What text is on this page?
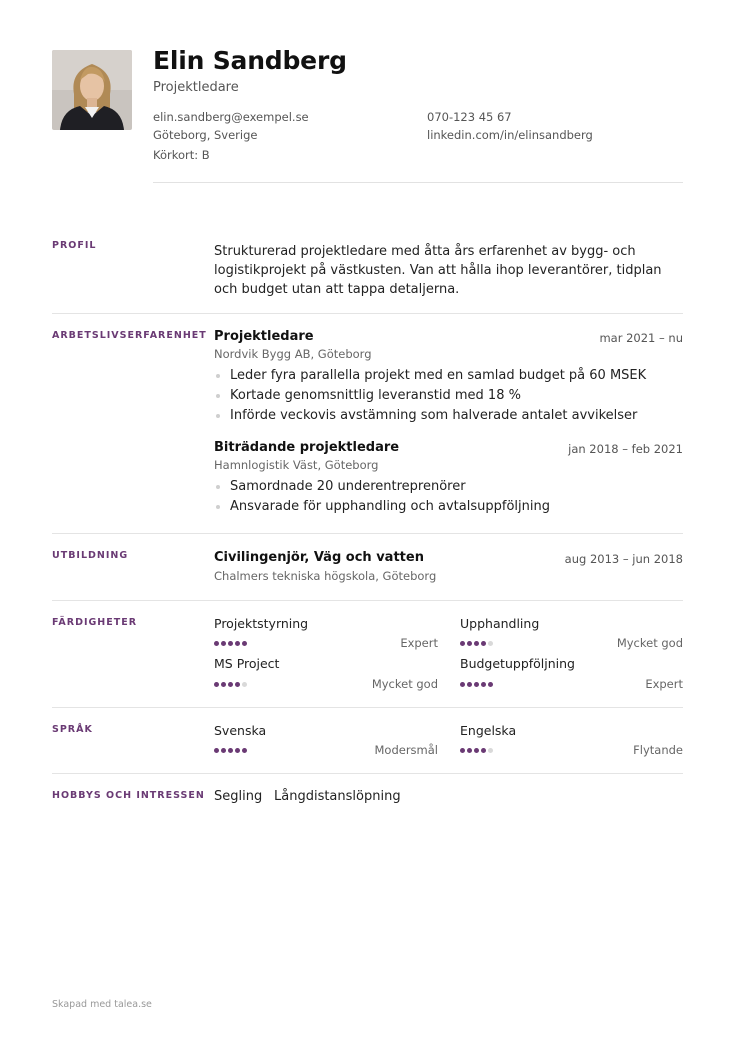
Elin Sandberg
Projektledare
elin.sandberg@exempel.se	070-123 45 67
Göteborg, Sverige	linkedin.com/in/elinsandberg
Körkort: B
PROFIL	Strukturerad projektledare med åtta års erfarenhet av bygg- och logistikprojekt på västkusten. Van att hålla ihop leverantörer, tidplan och budget utan att tappa detaljerna.
ARBETSLIVSERFARENHET Projektledare	mar 2021 – nu
Nordvik Bygg AB, Göteborg
Leder fyra parallella projekt med en samlad budget på 60 MSEK
Kortade genomsnittlig leveranstid med 18 %
Införde veckovis avstämning som halverade antalet avvikelser
Biträdande projektledare	jan 2018 – feb 2021
Hamnlogistik Väst, Göteborg
Samordnade 20 underentreprenörer
Ansvarade för upphandling och avtalsuppföljning
UTBILDNING	Civilingenjör, Väg och vatten	aug 2013 – jun 2018
Chalmers tekniska högskola, Göteborg
FÄRDIGHETER	Projektstyrning
Expert
Upphandling
Mycket god
MS Project
Mycket god
Budgetuppföljning
Expert
SPRÅK	Svenska
Modersmål
Engelska
Flytande
HOBBYS OCH INTRESSEN Segling Långdistanslöpning
Skapad med talea.se
